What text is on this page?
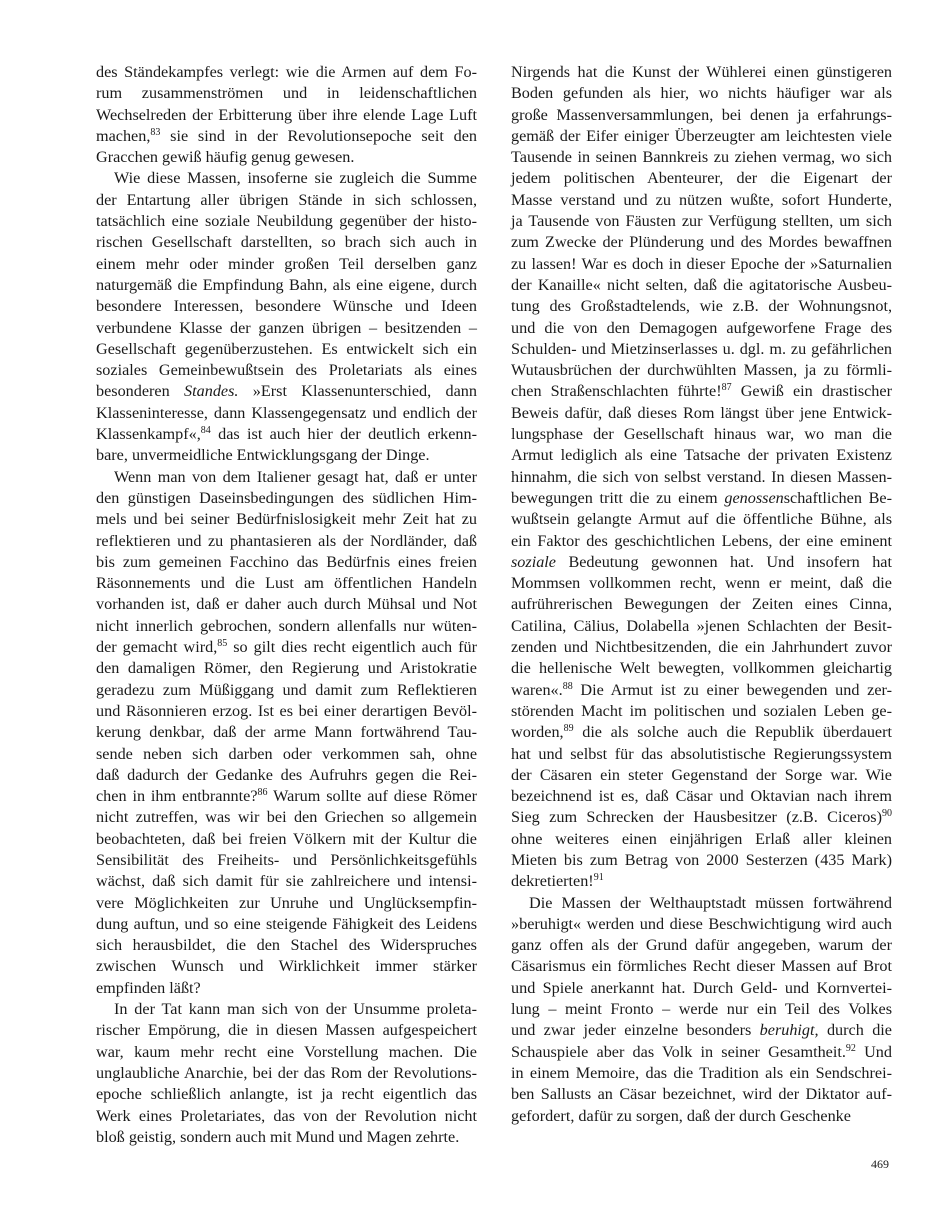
des Ständekampfes verlegt: wie die Armen auf dem Fo-
rum zusammenströmen und in leidenschaftlichen
Wechselreden der Erbitterung über ihre elende Lage Luft
machen,$^{83}$ sie sind in der Revolutionsepoche seit den
Gracchen gewiß häufig genug gewesen.
Wie diese Massen, insoferne sie zugleich die Summe
der Entartung aller übrigen Stände in sich schlossen,
tatsächlich eine soziale Neubildung gegenüber der histo-
rischen Gesellschaft darstellten, so brach sich auch in
einem mehr oder minder großen Teil derselben ganz
naturgemäß die Empfindung Bahn, als eine eigene, durch
besondere Interessen, besondere Wünsche und Ideen
verbundene Klasse der ganzen übrigen – besitzenden –
Gesellschaft gegenüberzustehen. Es entwickelt sich ein
soziales Gemeinbewußtsein des Proletariats als eines
besonderen Standes. »Erst Klassenunterschied, dann
Klasseninteresse, dann Klassengegensatz und endlich der
Klassenkampf«,$^{84}$ das ist auch hier der deutlich erkenn-
bare, unvermeidliche Entwicklungsgang der Dinge.
Wenn man von dem Italiener gesagt hat, daß er unter
den günstigen Daseinsbedingungen des südlichen Him-
mels und bei seiner Bedürfnislosigkeit mehr Zeit hat zu
reflektieren und zu phantasieren als der Nordländer, daß
bis zum gemeinen Facchino das Bedürfnis eines freien
Räsonnements und die Lust am öffentlichen Handeln
vorhanden ist, daß er daher auch durch Mühsal und Not
nicht innerlich gebrochen, sondern allenfalls nur wüten-
der gemacht wird,$^{85}$ so gilt dies recht eigentlich auch für
den damaligen Römer, den Regierung und Aristokratie
geradezu zum Müßiggang und damit zum Reflektieren
und Räsonnieren erzog. Ist es bei einer derartigen Bevöl-
kerung denkbar, daß der arme Mann fortwährend Tau-
sende neben sich darben oder verkommen sah, ohne
daß dadurch der Gedanke des Aufruhrs gegen die Rei-
chen in ihm entbrannte?$^{86}$ Warum sollte auf diese Römer
nicht zutreffen, was wir bei den Griechen so allgemein
beobachteten, daß bei freien Völkern mit der Kultur die
Sensibilität des Freiheits- und Persönlichkeitsgefühls
wächst, daß sich damit für sie zahlreichere und intensi-
vere Möglichkeiten zur Unruhe und Unglücksempfin-
dung auftun, und so eine steigende Fähigkeit des Leidens
sich herausbildet, die den Stachel des Widerspruches
zwischen Wunsch und Wirklichkeit immer stärker
empfinden läßt?
In der Tat kann man sich von der Unsumme proleta-
rischer Empörung, die in diesen Massen aufgespeichert
war, kaum mehr recht eine Vorstellung machen. Die
unglaubliche Anarchie, bei der das Rom der Revolutions-
epoche schließlich anlangte, ist ja recht eigentlich das
Werk eines Proletariates, das von der Revolution nicht
bloß geistig, sondern auch mit Mund und Magen zehrte.
Nirgends hat die Kunst der Wühlerei einen günstigeren
Boden gefunden als hier, wo nichts häufiger war als
große Massenversammlungen, bei denen ja erfahrungs-
gemäß der Eifer einiger Überzeugter am leichtesten viele
Tausende in seinen Bannkreis zu ziehen vermag, wo sich
jedem politischen Abenteurer, der die Eigenart der
Masse verstand und zu nützen wußte, sofort Hunderte,
ja Tausende von Fäusten zur Verfügung stellten, um sich
zum Zwecke der Plünderung und des Mordes bewaffnen
zu lassen! War es doch in dieser Epoche der »Saturnalien
der Kanaille« nicht selten, daß die agitatorische Ausbeu-
tung des Großstadtelends, wie z.B. der Wohnungsnot,
und die von den Demagogen aufgeworfene Frage des
Schulden- und Mietzinserlasses u. dgl. m. zu gefährlichen
Wutausbrüchen der durchwühlten Massen, ja zu förmli-
chen Straßenschlachten führte!$^{87}$ Gewiß ein drastischer
Beweis dafür, daß dieses Rom längst über jene Entwick-
lungsphase der Gesellschaft hinaus war, wo man die
Armut lediglich als eine Tatsache der privaten Existenz
hinnahm, die sich von selbst verstand. In diesen Massen-
bewegungen tritt die zu einem genossenschaftlichen Be-
wußtsein gelangte Armut auf die öffentliche Bühne, als
ein Faktor des geschichtlichen Lebens, der eine eminent
soziale Bedeutung gewonnen hat. Und insofern hat
Mommsen vollkommen recht, wenn er meint, daß die
aufrührerischen Bewegungen der Zeiten eines Cinna,
Catilina, Cälius, Dolabella »jenen Schlachten der Besit-
zenden und Nichtbesitzenden, die ein Jahrhundert zuvor
die hellenische Welt bewegten, vollkommen gleichartig
waren«.$^{88}$ Die Armut ist zu einer bewegenden und zer-
störenden Macht im politischen und sozialen Leben ge-
worden,$^{89}$ die als solche auch die Republik überdauert
hat und selbst für das absolutistische Regierungssystem
der Cäsaren ein steter Gegenstand der Sorge war. Wie
bezeichnend ist es, daß Cäsar und Oktavian nach ihrem
Sieg zum Schrecken der Hausbesitzer (z.B. Ciceros)$^{90}$
ohne weiteres einen einjährigen Erlaß aller kleinen
Mieten bis zum Betrag von 2000 Sesterzen (435 Mark)
dekretierten!$^{91}$
Die Massen der Welthauptstadt müssen fortwährend
»beruhigt« werden und diese Beschwichtigung wird auch
ganz offen als der Grund dafür angegeben, warum der
Cäsarismus ein förmliches Recht dieser Massen auf Brot
und Spiele anerkannt hat. Durch Geld- und Kornvertei-
lung – meint Fronto – werde nur ein Teil des Volkes
und zwar jeder einzelne besonders beruhigt, durch die
Schauspiele aber das Volk in seiner Gesamtheit.$^{92}$ Und
in einem Memoire, das die Tradition als ein Sendschrei-
ben Sallusts an Cäsar bezeichnet, wird der Diktator auf-
gefordert, dafür zu sorgen, daß der durch Geschenke
469
